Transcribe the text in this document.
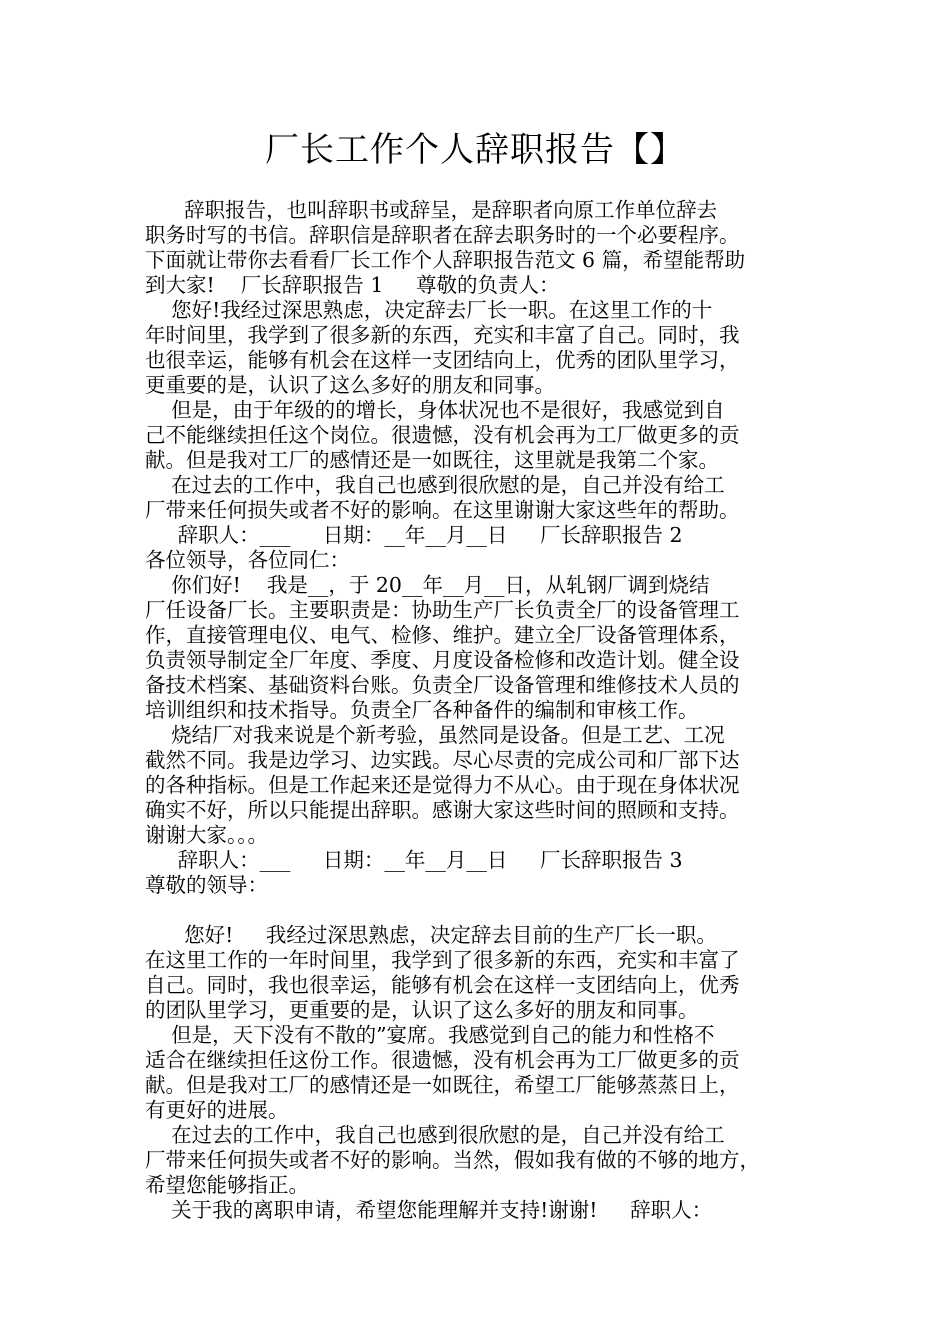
厂长工作个人辞职报告【】
辞职报告，也叫辞职书或辞呈，是辞职者向原工作单位辞去
职务时写的书信。辞职信是辞职者在辞去职务时的一个必要程序。
下面就让带你去看看厂长工作个人辞职报告范文 6 篇，希望能帮助
到大家!    厂长辞职报告 1     尊敬的负责人：
您好!我经过深思熟虑，决定辞去厂长一职。在这里工作的十
年时间里，我学到了很多新的东西，充实和丰富了自己。同时，我
也很幸运，能够有机会在这样一支团结向上，优秀的团队里学习，
更重要的是，认识了这么多好的朋友和同事。
但是，由于年级的的增长，身体状况也不是很好，我感觉到自
己不能继续担任这个岗位。很遗憾，没有机会再为工厂做更多的贡
献。但是我对工厂的感情还是一如既往，这里就是我第二个家。
在过去的工作中，我自己也感到很欣慰的是，自己并没有给工
厂带来任何损失或者不好的影响。在这里谢谢大家这些年的帮助。
辞职人：___     日期：__年__月__日     厂长辞职报告 2
各位领导，各位同仁：
你们好!    我是__，于 20__年__月__日，从轧钢厂调到烧结
厂任设备厂长。主要职责是：协助生产厂长负责全厂的设备管理工
作，直接管理电仪、电气、检修、维护。建立全厂设备管理体系，
负责领导制定全厂年度、季度、月度设备检修和改造计划。健全设
备技术档案、基础资料台账。负责全厂设备管理和维修技术人员的
培训组织和技术指导。负责全厂各种备件的编制和审核工作。
烧结厂对我来说是个新考验，虽然同是设备。但是工艺、工况
截然不同。我是边学习、边实践。尽心尽责的完成公司和厂部下达
的各种指标。但是工作起来还是觉得力不从心。由于现在身体状况
确实不好，所以只能提出辞职。感谢大家这些时间的照顾和支持。
谢谢大家。。。
辞职人：___     日期：__年__月__日     厂长辞职报告 3
尊敬的领导：
您好!     我经过深思熟虑，决定辞去目前的生产厂长一职。
在这里工作的一年时间里，我学到了很多新的东西，充实和丰富了
自己。同时，我也很幸运，能够有机会在这样一支团结向上，优秀
的团队里学习，更重要的是，认识了这么多好的朋友和同事。
但是，天下没有不散的”宴席。我感觉到自己的能力和性格不
适合在继续担任这份工作。很遗憾，没有机会再为工厂做更多的贡
献。但是我对工厂的感情还是一如既往，希望工厂能够蒸蒸日上，
有更好的进展。
在过去的工作中，我自己也感到很欣慰的是，自己并没有给工
厂带来任何损失或者不好的影响。当然，假如我有做的不够的地方，
希望您能够指正。
关于我的离职申请，希望您能理解并支持!谢谢!     辞职人：
